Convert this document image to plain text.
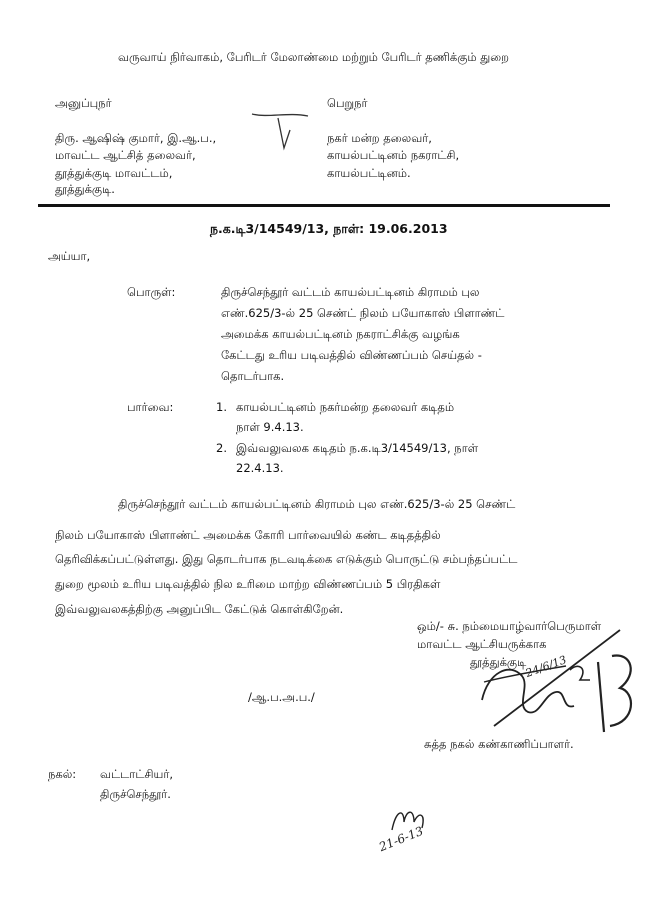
வருவாய் நிர்வாகம், பேரிடர் மேலாண்மை மற்றும் பேரிடர் தணிக்கும் துறை
அனுப்புநர்	பெறுநர்
திரு. ஆஷிஷ் குமார், இ.ஆ.ப.,
மாவட்ட ஆட்சித் தலைவர்,
தூத்துக்குடி மாவட்டம்,
தூத்துக்குடி.
நகர் மன்ற தலைவர்,
காயல்பட்டினம் நகராட்சி,
காயல்பட்டினம்.
ந.க.டி3/14549/13, நாள்: 19.06.2013
அய்யா,
பொருள்:	திருச்செந்தூர் வட்டம் காயல்பட்டினம் கிராமம் புல
எண்.625/3-ல் 25 செண்ட் நிலம் பயோகாஸ் பிளாண்ட்
அமைக்க காயல்பட்டினம் நகராட்சிக்கு வழங்க
கேட்டது உரிய படிவத்தில் விண்ணப்பம் செய்தல் -
தொடர்பாக.
பார்வை:	1. காயல்பட்டினம் நகர்மன்ற தலைவர் கடிதம்
நாள் 9.4.13.
2. இவ்வலுவலக கடிதம் ந.க.டி3/14549/13, நாள்
22.4.13.
திருச்செந்தூர் வட்டம் காயல்பட்டினம் கிராமம் புல எண்.625/3-ல் 25 செண்ட்
நிலம் பயோகாஸ் பிளாண்ட் அமைக்க கோரி பார்வையில் கண்ட கடிதத்தில்
தெரிவிக்கப்பட்டுள்ளது. இது தொடர்பாக நடவடிக்கை எடுக்கும் பொருட்டு சம்பந்தப்பட்ட
துறை மூலம் உரிய படிவத்தில் நில உரிமை மாற்ற விண்ணப்பம் 5 பிரதிகள்
இவ்வலுவலகத்திற்கு அனுப்பிட கேட்டுக் கொள்கிறேன்.
ஒம்/- சு. நம்மையாழ்வார்பெருமாள்
மாவட்ட ஆட்சியருக்காக
தூத்துக்குடி
24/6/13
/ஆ.ப.அ.ப./
சுத்த நகல் கண்காணிப்பாளர்.
நகல்: வட்டாட்சியர்,
திருச்செந்தூர்.
21-6-13
